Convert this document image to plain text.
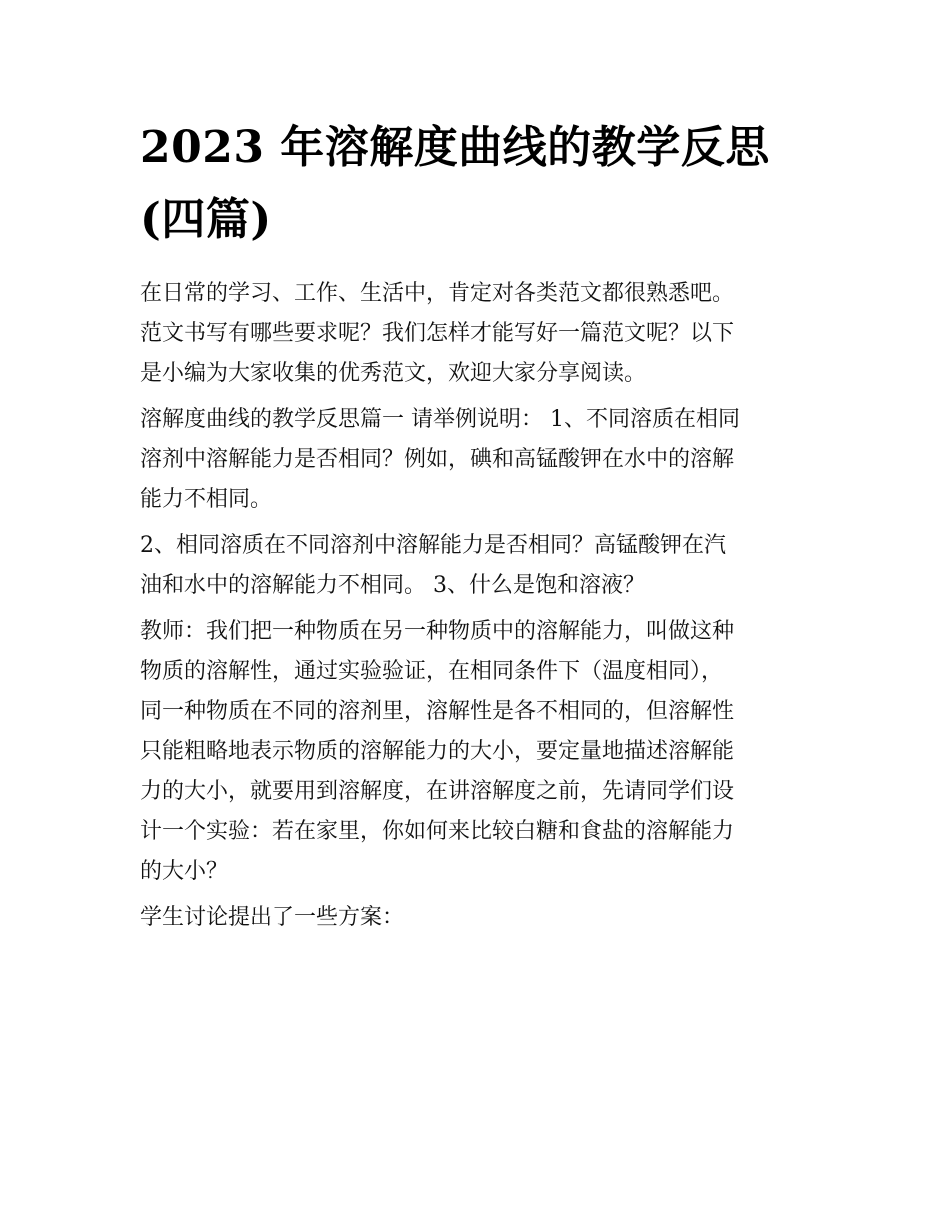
2023 年溶解度曲线的教学反思
(四篇)

在日常的学习、工作、生活中，肯定对各类范文都很熟悉吧。
范文书写有哪些要求呢？我们怎样才能写好一篇范文呢？以下
是小编为大家收集的优秀范文，欢迎大家分享阅读。

溶解度曲线的教学反思篇一 请举例说明： 1、不同溶质在相同
溶剂中溶解能力是否相同？例如，碘和高锰酸钾在水中的溶解
能力不相同。

2、相同溶质在不同溶剂中溶解能力是否相同？高锰酸钾在汽
油和水中的溶解能力不相同。 3、什么是饱和溶液？

教师：我们把一种物质在另一种物质中的溶解能力，叫做这种
物质的溶解性，通过实验验证，在相同条件下（温度相同），
同一种物质在不同的溶剂里，溶解性是各不相同的，但溶解性
只能粗略地表示物质的溶解能力的大小，要定量地描述溶解能
力的大小，就要用到溶解度，在讲溶解度之前，先请同学们设
计一个实验：若在家里，你如何来比较白糖和食盐的溶解能力
的大小？

学生讨论提出了一些方案：
